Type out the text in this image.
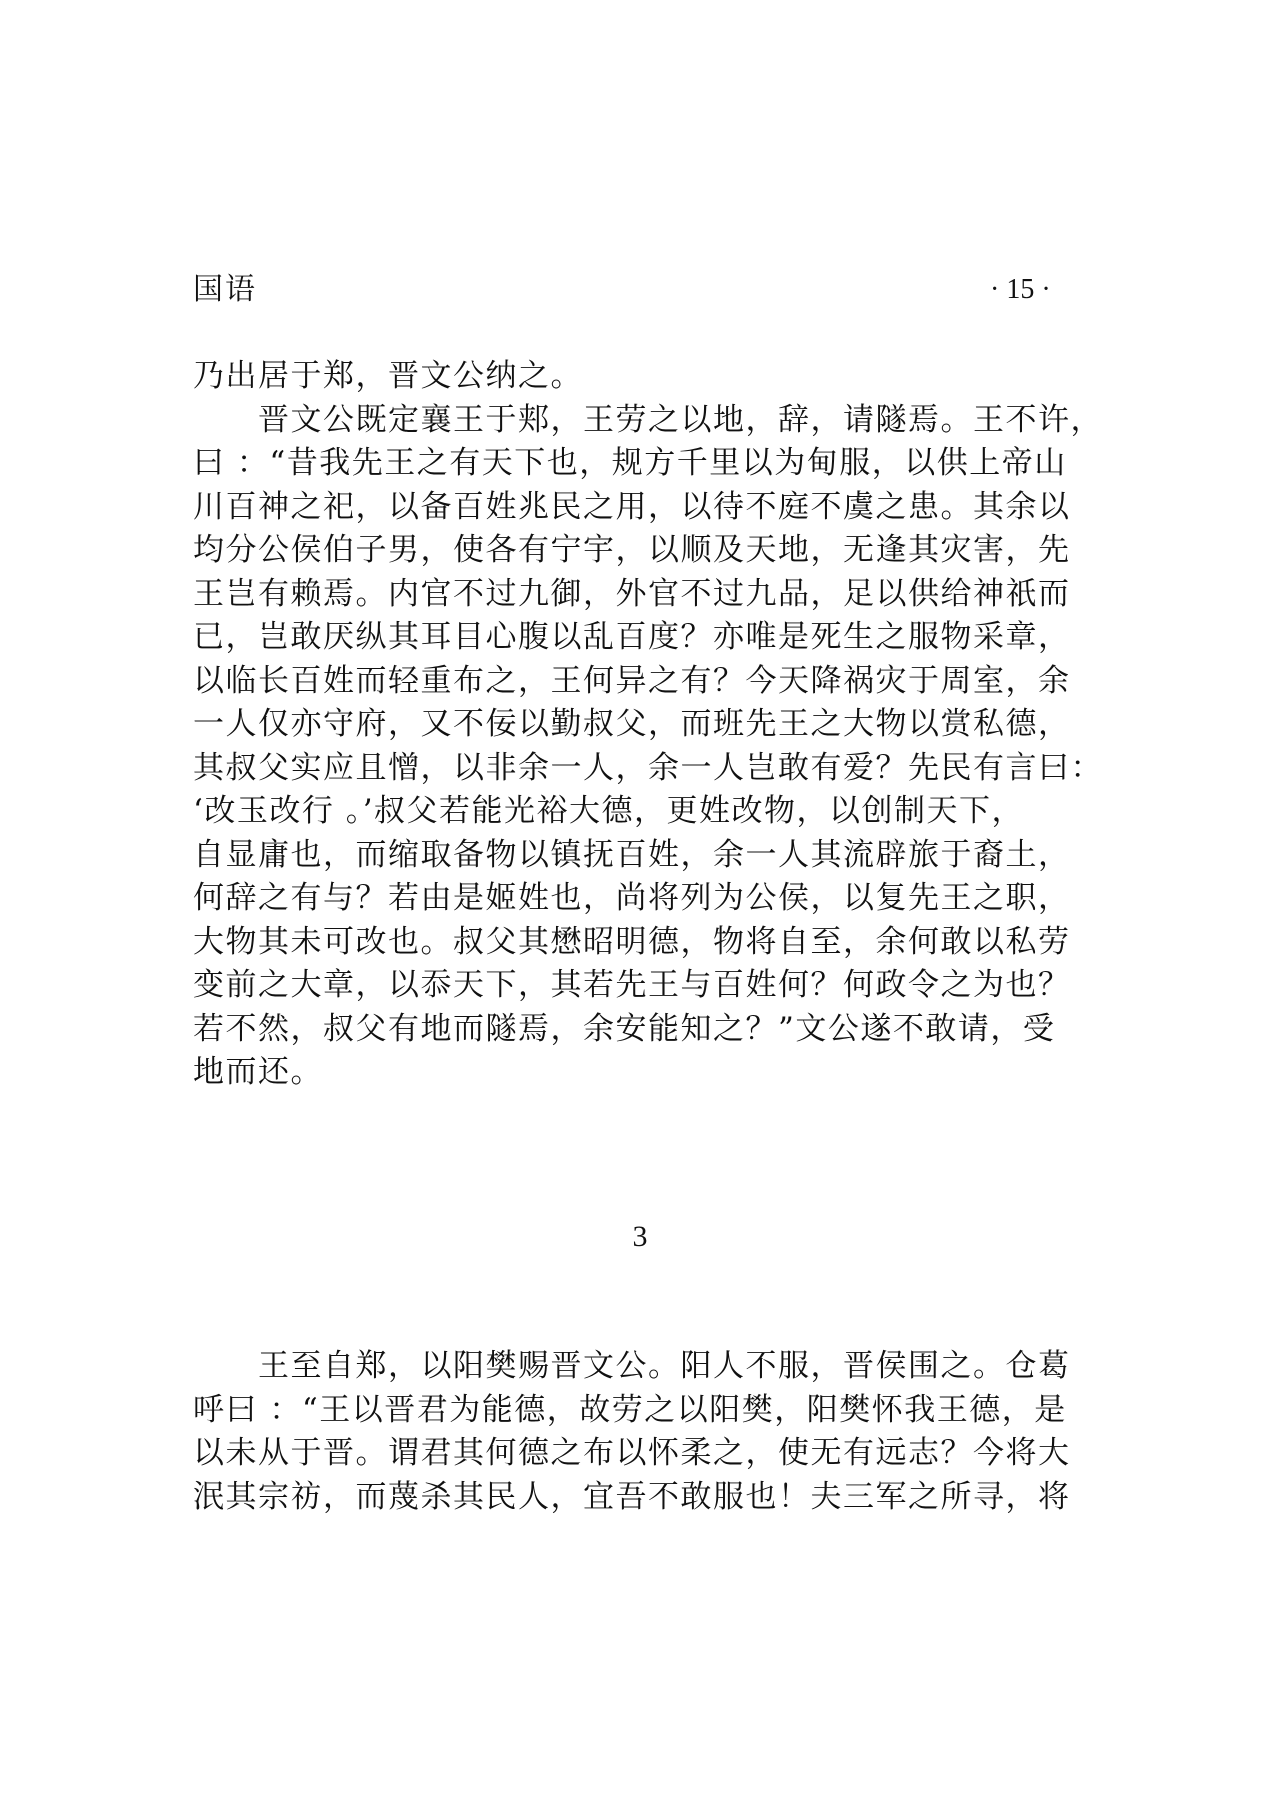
国语	· 15 ·
乃出居于郑，晋文公纳之。
　　晋文公既定襄王于郏，王劳之以地，辞，请隧焉。王不许，
曰 ：“昔我先王之有天下也，规方千里以为甸服，以供上帝山
川百神之祀，以备百姓兆民之用，以待不庭不虞之患。其余以
均分公侯伯子男，使各有宁宇，以顺及天地，无逢其灾害，先
王岂有赖焉。内官不过九御，外官不过九品，足以供给神祇而
已，岂敢厌纵其耳目心腹以乱百度？亦唯是死生之服物采章，
以临长百姓而轻重布之，王何异之有？今天降祸灾于周室，余
一人仅亦守府，又不佞以勤叔父，而班先王之大物以赏私德，
其叔父实应且憎，以非余一人，余一人岂敢有爱？先民有言曰：
‘改玉改行 。’叔父若能光裕大德，更姓改物，以创制天下，
自显庸也，而缩取备物以镇抚百姓，余一人其流辟旅于裔土，
何辞之有与？若由是姬姓也，尚将列为公侯，以复先王之职，
大物其未可改也。叔父其懋昭明德，物将自至，余何敢以私劳
变前之大章，以忝天下，其若先王与百姓何？何政令之为也？
若不然，叔父有地而隧焉，余安能知之？”文公遂不敢请，受
地而还。
3
　　王至自郑，以阳樊赐晋文公。阳人不服，晋侯围之。仓葛
呼曰 ：“王以晋君为能德，故劳之以阳樊，阳樊怀我王德，是
以未从于晋。谓君其何德之布以怀柔之，使无有远志？今将大
泯其宗祊，而蔑杀其民人，宜吾不敢服也！夫三军之所寻，将
